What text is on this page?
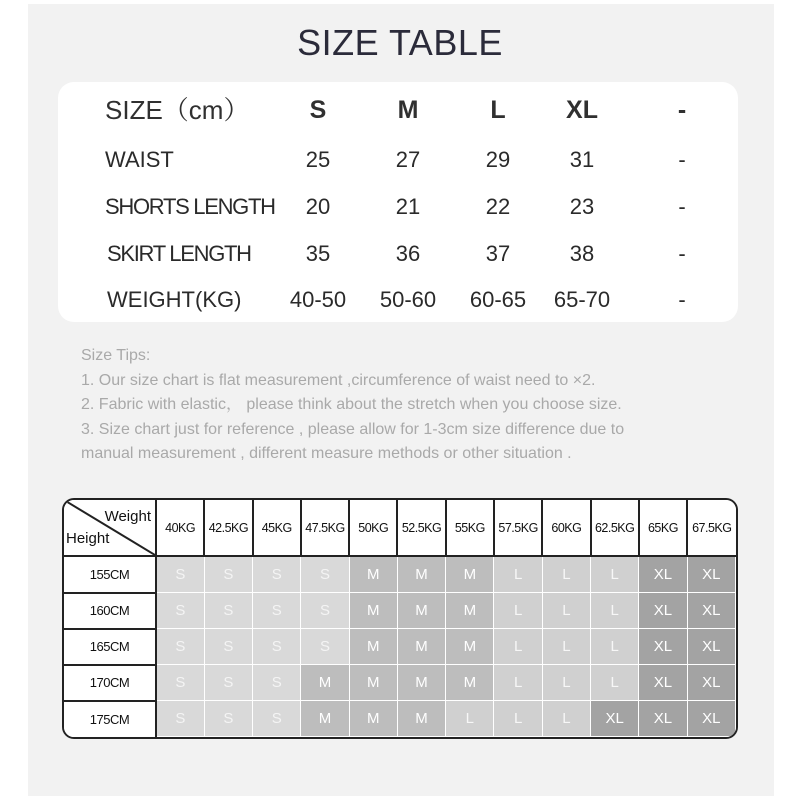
SIZE TABLE
SIZE（cm）	S	M	L	XL	-
WAIST	25	27	29	31	-
SHORTS LENGTH	20	21	22	23	-
SKIRT LENGTH	35	36	37	38	-
WEIGHT(KG) 40-50 50-60 60-65 65-70	-
Size Tips:
1. Our size chart is flat measurement ,circumference of waist need to ×2.
2. Fabric with elastic， please think about the stretch when you choose size.
3. Size chart just for reference , please allow for 1-3cm size difference due to
manual measurement , different measure methods or other situation .
Weight
Height	40KG	42.5KG	45KG	47.5KG	50KG	52.5KG	55KG	57.5KG	60KG	62.5KG	65KG	67.5KG
155CM	S	S	S	S	M	M	M	L	L	L	XL	XL
160CM	S	S	S	S	M	M	M	L	L	L	XL	XL
165CM	S	S	S	S	M	M	M	L	L	L	XL	XL
170CM	S	S	S	M	M	M	M	L	L	L	XL	XL
175CM	S	S	S	M	M	M	L	L	L	XL	XL	XL
